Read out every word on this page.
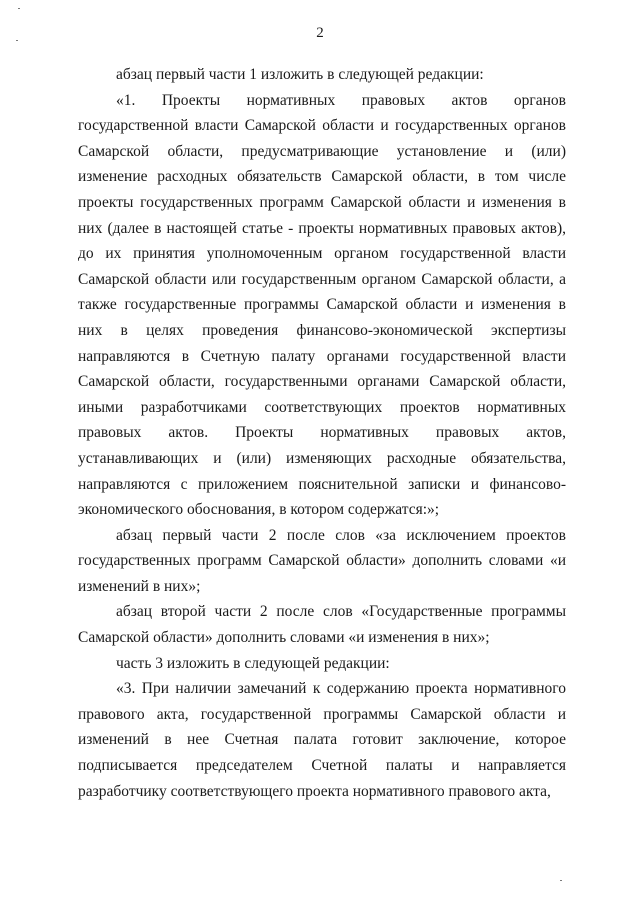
2

абзац первый части 1 изложить в следующей редакции:

«1. Проекты нормативных правовых актов органов государственной власти Самарской области и государственных органов Самарской области, предусматривающие установление и (или) изменение расходных обязательств Самарской области, в том числе проекты государственных программ Самарской области и изменения в них (далее в настоящей статье - проекты нормативных правовых актов), до их принятия уполномоченным органом государственной власти Самарской области или государственным органом Самарской области, а также государственные программы Самарской области и изменения в них в целях проведения финансово-экономической экспертизы направляются в Счетную палату органами государственной власти Самарской области, государственными органами Самарской области, иными разработчиками соответствующих проектов нормативных правовых актов. Проекты нормативных правовых актов, устанавливающих и (или) изменяющих расходные обязательства, направляются с приложением пояснительной записки и финансово-экономического обоснования, в котором содержатся:»;

абзац первый части 2 после слов «за исключением проектов государственных программ Самарской области» дополнить словами «и изменений в них»;

абзац второй части 2 после слов «Государственные программы Самарской области» дополнить словами «и изменения в них»;

часть 3 изложить в следующей редакции:

«3. При наличии замечаний к содержанию проекта нормативного правового акта, государственной программы Самарской области и изменений в нее Счетная палата готовит заключение, которое подписывается председателем Счетной палаты и направляется разработчику соответствующего проекта нормативного правового акта,
